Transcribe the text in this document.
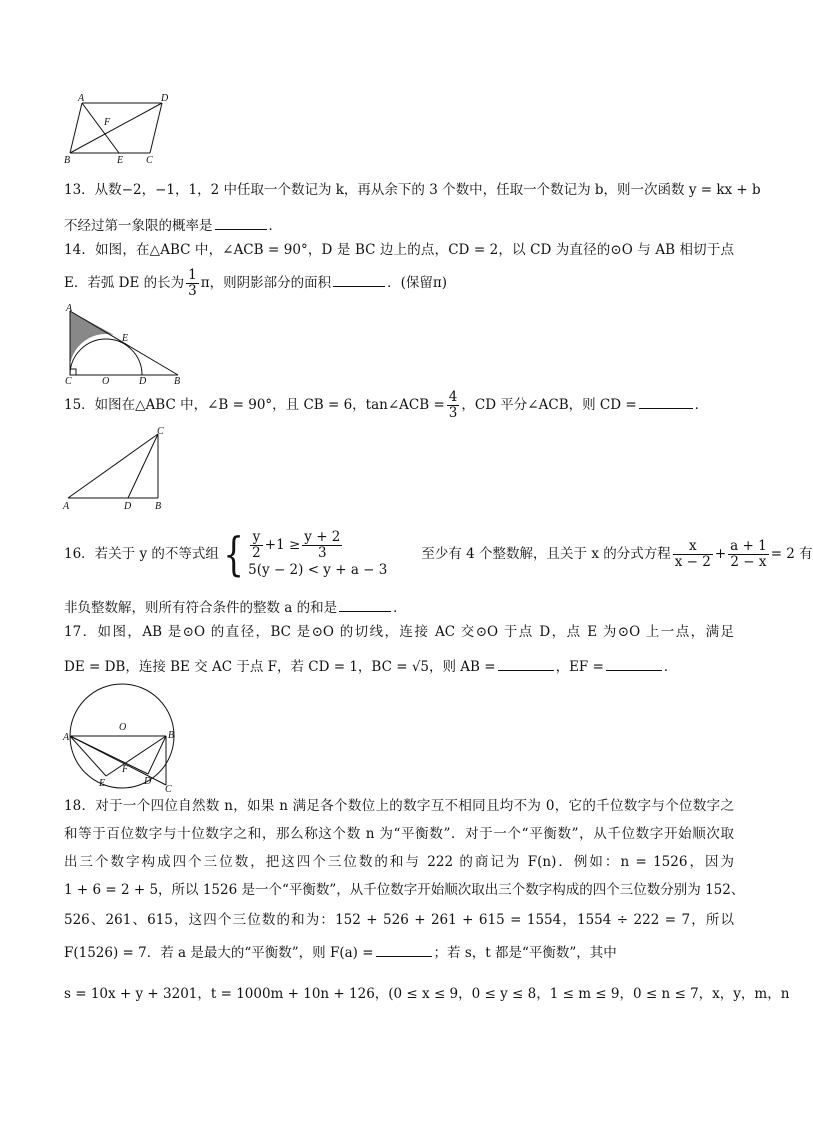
A	D
F
B	E C
13．从数−2，−1，1，2 中任取一个数记为 k，再从余下的 3 个数中，任取一个数记为 b，则一次函数 y = kx + b
不经过第一象限的概率是	．
14．如图，在△ABC 中，∠ACB = 90°，D 是 BC 边上的点，CD = 2，以 CD 为直径的⊙O 与 AB 相切于点
E．若弧 DE 的长为 $\frac{1}{3}$ π，则阴影部分的面积	．(保留π)
A
E
C	O	D	B
15．如图在△ABC 中，∠B = 90°，且 CB = 6，tan∠ACB = $\frac{4}{3}$ ，CD 平分∠ACB，则 CD =	．
C
A	D B
16．若关于 y 的不等式组 { $\frac{y}{2} +1 \ge \frac{y + 2}{3}$
5(y − 2) < y + a − 3
至少有 4 个整数解，且关于 x 的分式方程 $\frac{x}{x - 2} + \frac{a + 1}{2 - x} = 2$ 有
非负整数解，则所有符合条件的整数 a 的和是	．
17．如图，AB 是⊙O 的直径，BC 是⊙O 的切线，连接 AC 交⊙O 于点 D，点 E 为⊙O 上一点，满足
DE = DB，连接 BE 交 AC 于点 F，若 CD = 1，BC = √5，则 AB =	，EF =	．
O
A	B
F
D
E
C
18．对于一个四位自然数 n，如果 n 满足各个数位上的数字互不相同且均不为 0，它的千位数字与个位数字之
和等于百位数字与十位数字之和，那么称这个数 n 为“平衡数”．对于一个“平衡数”，从千位数字开始顺次取
出三个数字构成四个三位数，把这四个三位数的和与 222 的商记为 F(n)．例如：n = 1526，因为
1 + 6 = 2 + 5，所以 1526 是一个“平衡数”，从千位数字开始顺次取出三个数字构成的四个三位数分别为 152、
526、261、615，这四个三位数的和为：152 + 526 + 261 + 615 = 1554，1554 ÷ 222 = 7，所以
F(1526) = 7．若 a 是最大的“平衡数”，则 F(a) =	；若 s，t 都是“平衡数”，其中
s = 10x + y + 3201，t = 1000m + 10n + 126，(0 ≤ x ≤ 9，0 ≤ y ≤ 8，1 ≤ m ≤ 9，0 ≤ n ≤ 7，x，y，m，n
